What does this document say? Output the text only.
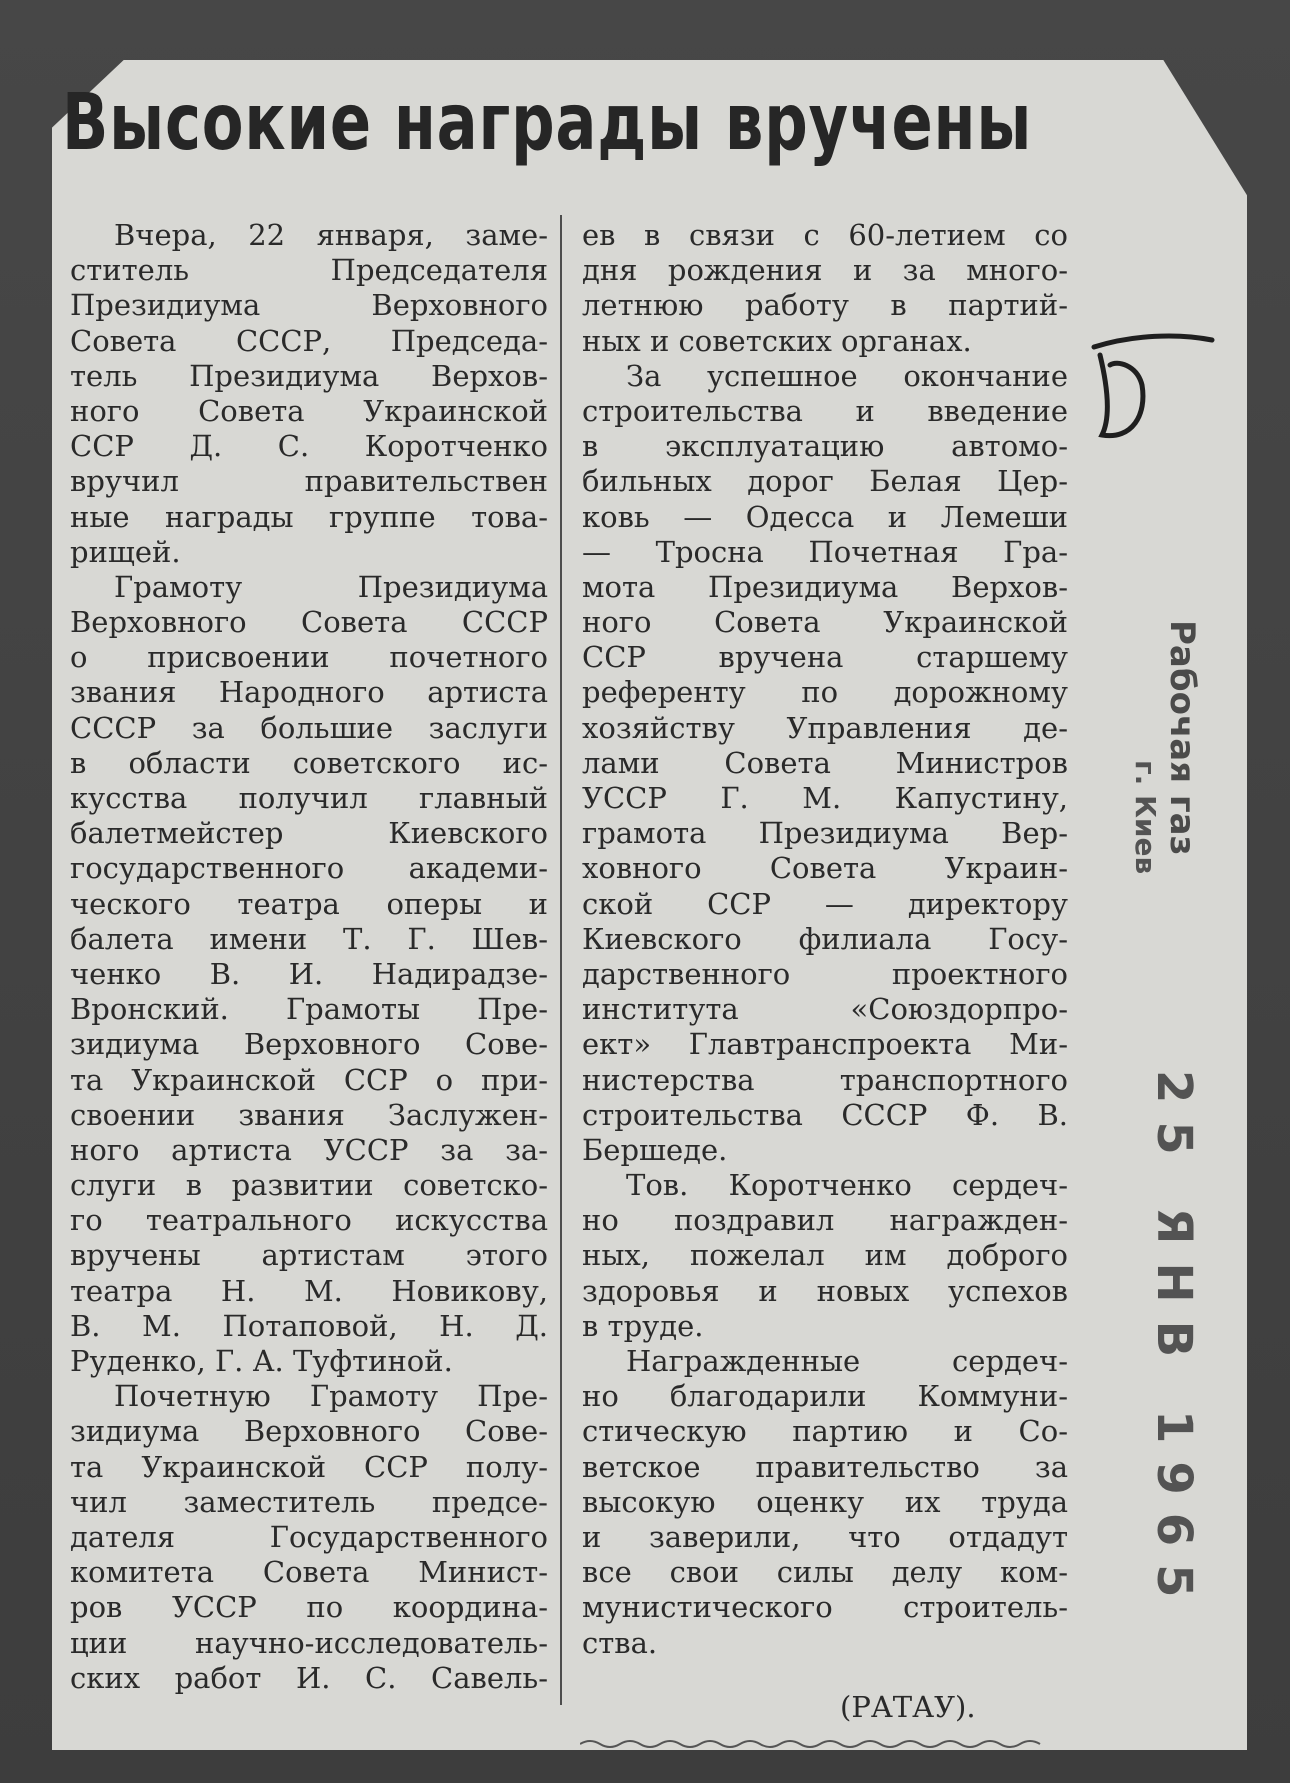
Высокие награды вручены
Вчера, 22 января, заме-
ститель Председателя
Президиума Верховного
Совета СССР, Председа-
тель Президиума Верхов-
ного Совета Украинской
ССР Д. С. Коротченко
вручил правительствен
ные награды группе това-
рищей.
Грамоту Президиума
Верховного Совета СССР
о присвоении почетного
звания Народного артиста
СССР за большие заслуги
в области советского ис-
кусства получил главный
балетмейстер Киевского
государственного академи-
ческого театра оперы и
балета имени Т. Г. Шев-
ченко В. И. Надирадзе-
Вронский. Грамоты Пре-
зидиума Верховного Сове-
та Украинской ССР о при-
своении звания Заслужен-
ного артиста УССР за за-
слуги в развитии советско-
го театрального искусства
вручены артистам этого
театра Н. М. Новикову,
В. М. Потаповой, Н. Д.
Руденко, Г. А. Туфтиной.
Почетную Грамоту Пре-
зидиума Верховного Сове-
та Украинской ССР полу-
чил заместитель предсе-
дателя Государственного
комитета Совета Минист-
ров УССР по координа-
ции научно-исследователь-
ских работ И. С. Савель-
ев в связи с 60-летием со
дня рождения и за много-
летнюю работу в партий-
ных и советских органах.
За успешное окончание
строительства и введение
в эксплуатацию автомо-
бильных дорог Белая Цер-
ковь — Одесса и Лемеши
— Тросна Почетная Гра-
мота Президиума Верхов-
ного Совета Украинской
ССР вручена старшему
референту по дорожному
хозяйству Управления де-
лами Совета Министров
УССР Г. М. Капустину,
грамота Президиума Вер-
ховного Совета Украин-
ской ССР — директору
Киевского филиала Госу-
дарственного проектного
института «Союздорпро-
ект» Главтранспроекта Ми-
нистерства транспортного
строительства СССР Ф. В.
Бершеде.
Тов. Коротченко сердеч-
но поздравил награжден-
ных, пожелал им доброго
здоровья и новых успехов
в труде.
Награжденные сердеч-
но благодарили Коммуни-
стическую партию и Со-
ветское правительство за
высокую оценку их труда
и заверили, что отдадут
все свои силы делу ком-
мунистического строитель-
ства.
(РАТАУ).
Рабочая газ
г. Киев
25 ЯНВ 1965
